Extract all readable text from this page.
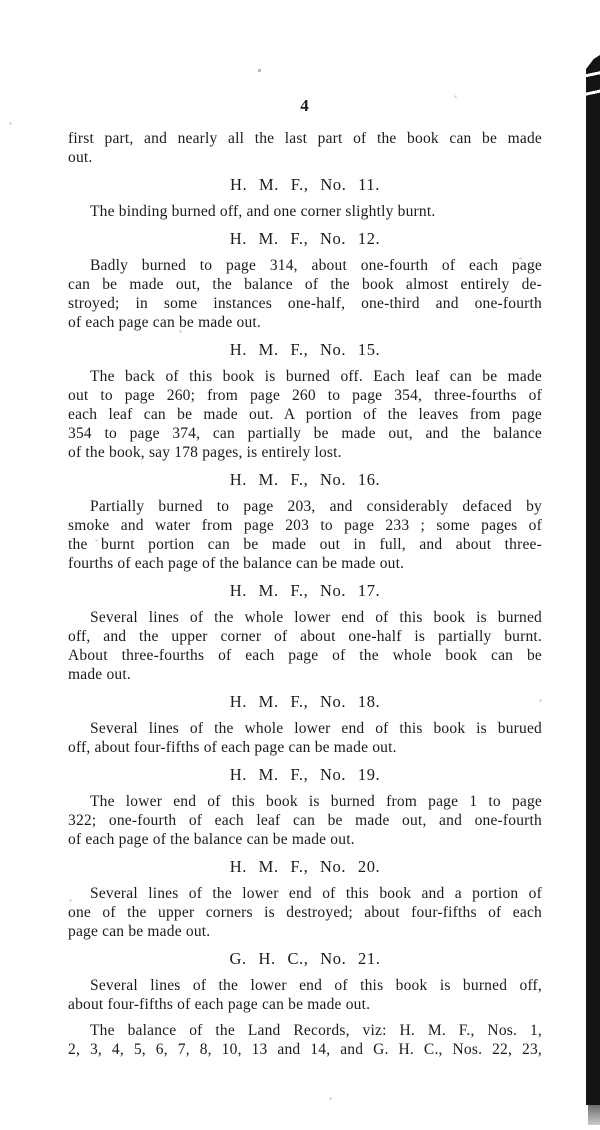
4
first part, and nearly all the last part of the book can be made
out.
H. M. F., No. 11.
The binding burned off, and one corner slightly burnt.
H. M. F., No. 12.
Badly burned to page 314, about one-fourth of each page
can be made out, the balance of the book almost entirely de-
stroyed; in some instances one-half, one-third and one-fourth
of each page can be made out.
H. M. F., No. 15.
The back of this book is burned off. Each leaf can be made
out to page 260; from page 260 to page 354, three-fourths of
each leaf can be made out. A portion of the leaves from page
354 to page 374, can partially be made out, and the balance
of the book, say 178 pages, is entirely lost.
H. M. F., No. 16.
Partially burned to page 203, and considerably defaced by
smoke and water from page 203 to page 233 ; some pages of
the burnt portion can be made out in full, and about three-
fourths of each page of the balance can be made out.
H. M. F., No. 17.
Several lines of the whole lower end of this book is burned
off, and the upper corner of about one-half is partially burnt.
About three-fourths of each page of the whole book can be
made out.
H. M. F., No. 18.
Several lines of the whole lower end of this book is burued
off, about four-fifths of each page can be made out.
H. M. F., No. 19.
The lower end of this book is burned from page 1 to page
322; one-fourth of each leaf can be made out, and one-fourth
of each page of the balance can be made out.
H. M. F., No. 20.
Several lines of the lower end of this book and a portion of
one of the upper corners is destroyed; about four-fifths of each
page can be made out.
G. H. C., No. 21.
Several lines of the lower end of this book is burned off,
about four-fifths of each page can be made out.
The balance of the Land Records, viz: H. M. F., Nos. 1,
2, 3, 4, 5, 6, 7, 8, 10, 13 and 14, and G. H. C., Nos. 22, 23,
